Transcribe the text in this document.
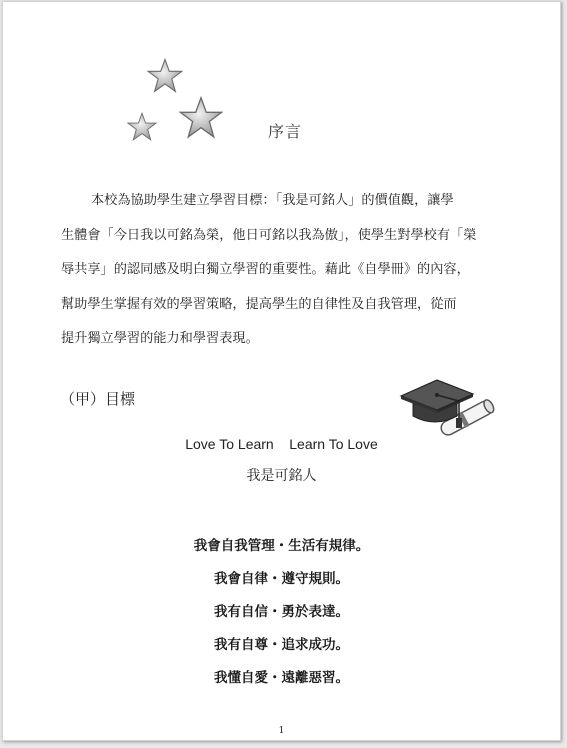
序言

本校為協助學生建立學習目標：「我是可銘人」的價值觀，讓學
生體會「今日我以可銘為榮，他日可銘以我為傲」，使學生對學校有「榮
辱共享」的認同感及明白獨立學習的重要性。藉此《自學冊》的內容，
幫助學生掌握有效的學習策略，提高學生的自律性及自我管理，從而
提升獨立學習的能力和學習表現。

（甲）目標
Love To Learn    Learn To Love
我是可銘人
我會自我管理・生活有規律。
我會自律・遵守規則。
我有自信・勇於表達。
我有自尊・追求成功。
我懂自愛・遠離惡習。
1
